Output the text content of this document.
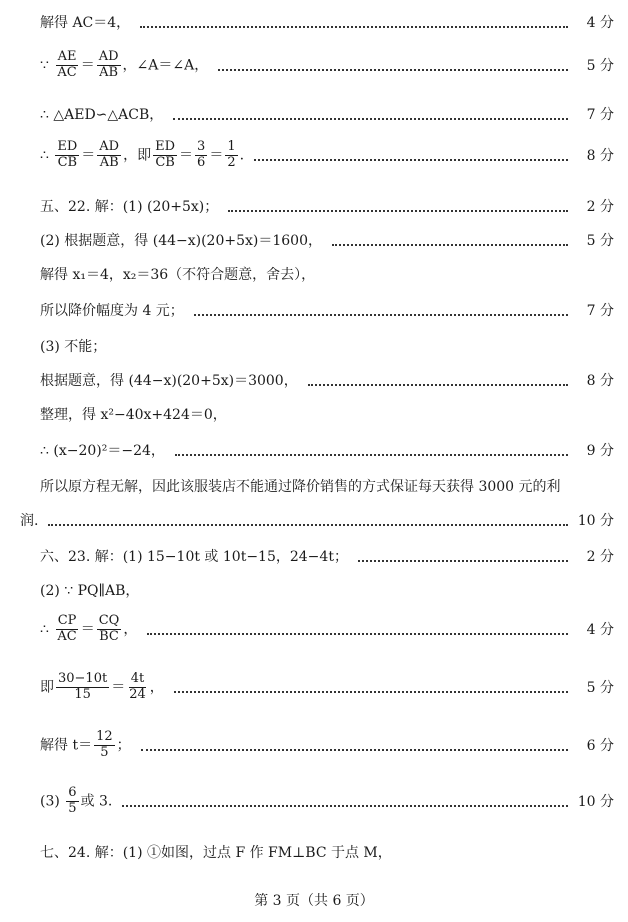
解得 AC＝4，	4 分
∵ $\frac{AE}{AC} = \frac{AD}{AB}$ ，∠A＝∠A，	5 分
∴ △AED∽△ACB，	7 分
∴ $\frac{ED}{CB} = \frac{AD}{AB}$ ，即 $\frac{ED}{CB} = \frac{3}{6} = \frac{1}{2}$ .	8 分
五、22. 解：(1) (20+5x)；	2 分
(2) 根据题意，得 (44−x)(20+5x)＝1600，	5 分
解得 x₁＝4，x₂＝36（不符合题意，舍去），
所以降价幅度为 4 元；	7 分
(3) 不能；
根据题意，得 (44−x)(20+5x)＝3000，	8 分
整理，得 x²−40x+424＝0，
∴ (x−20)²＝−24，	9 分
所以原方程无解，因此该服装店不能通过降价销售的方式保证每天获得 3000 元的利
润.	10 分
六、23. 解：(1) 15−10t 或 10t−15，24−4t；	2 分
(2) ∵ PQ∥AB，
∴ $\frac{CP}{AC} = \frac{CQ}{BC}$ ，	4 分
即 $\frac{30-10t}{15} = \frac{4t}{24}$ ，	5 分
解得 $t= \frac{12}{5}$ ；	6 分
$(3) \frac{6}{5}$ 或 3.	10 分
七、24. 解：(1) ①如图，过点 F 作 FM⊥BC 于点 M，
第 3 页（共 6 页）
